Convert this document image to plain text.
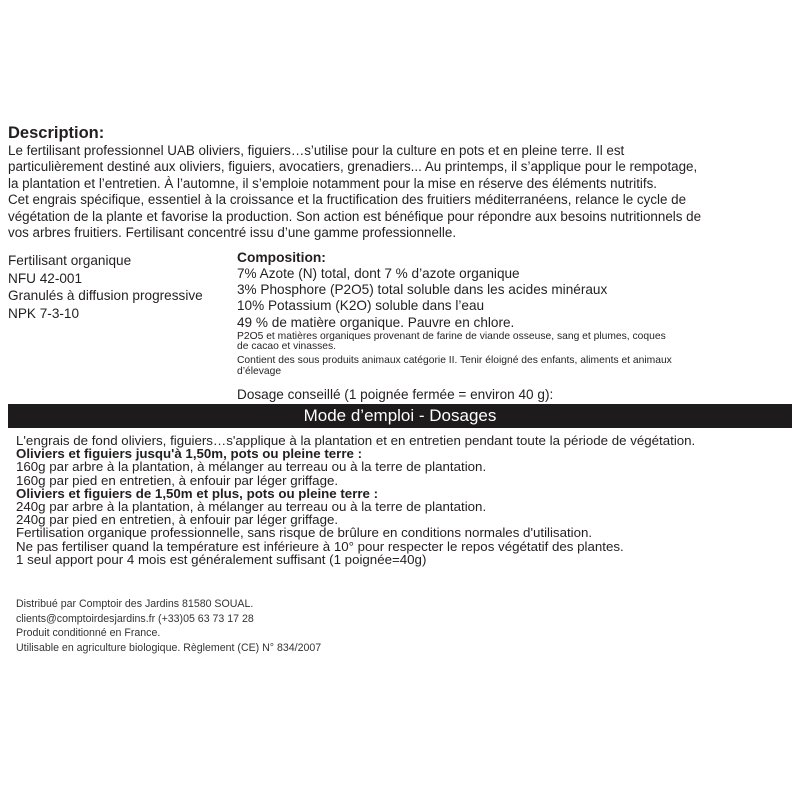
Description:

Le fertilisant professionnel UAB oliviers, figuiers…s’utilise pour la culture en pots et en pleine terre. Il est

particulièrement destiné aux oliviers, figuiers, avocatiers, grenadiers... Au printemps, il s’applique pour le rempotage,

la plantation et l’entretien. À l’automne, il s’emploie notamment pour la mise en réserve des éléments nutritifs.

Cet engrais spécifique, essentiel à la croissance et la fructification des fruitiers méditerranéens, relance le cycle de

végétation de la plante et favorise la production. Son action est bénéfique pour répondre aux besoins nutritionnels de

vos arbres fruitiers. Fertilisant concentré issu d’une gamme professionnelle.

Fertilisant organique
NFU 42-001
Granulés à diffusion progressive
NPK 7-3-10
Composition:
7% Azote (N) total, dont 7 % d’azote organique
3% Phosphore (P2O5) total soluble dans les acides minéraux
10% Potassium (K2O) soluble dans l’eau
49 % de matière organique. Pauvre en chlore.
P2O5 et matières organiques provenant de farine de viande osseuse, sang et plumes, coques
de cacao et vinasses.
Contient des sous produits animaux catégorie II. Tenir éloigné des enfants, aliments et animaux
d’élevage
Dosage conseillé (1 poignée fermée = environ 40 g):
Mode d’emploi - Dosages
L'engrais de fond oliviers, figuiers…s'applique à la plantation et en entretien pendant toute la période de végétation.
Oliviers et figuiers jusqu'à 1,50m, pots ou pleine terre :
160g par arbre à la plantation, à mélanger au terreau ou à la terre de plantation.
160g par pied en entretien, à enfouir par léger griffage.
Oliviers et figuiers de 1,50m et plus, pots ou pleine terre :
240g par arbre à la plantation, à mélanger au terreau ou à la terre de plantation.
240g par pied en entretien, à enfouir par léger griffage.
Fertilisation organique professionnelle, sans risque de brûlure en conditions normales d'utilisation.
Ne pas fertiliser quand la température est inférieure à 10° pour respecter le repos végétatif des plantes.
1 seul apport pour 4 mois est généralement suffisant (1 poignée=40g)
Distribué par Comptoir des Jardins 81580 SOUAL.
clients@comptoirdesjardins.fr (+33)05 63 73 17 28
Produit conditionné en France.
Utilisable en agriculture biologique. Règlement (CE) N° 834/2007
